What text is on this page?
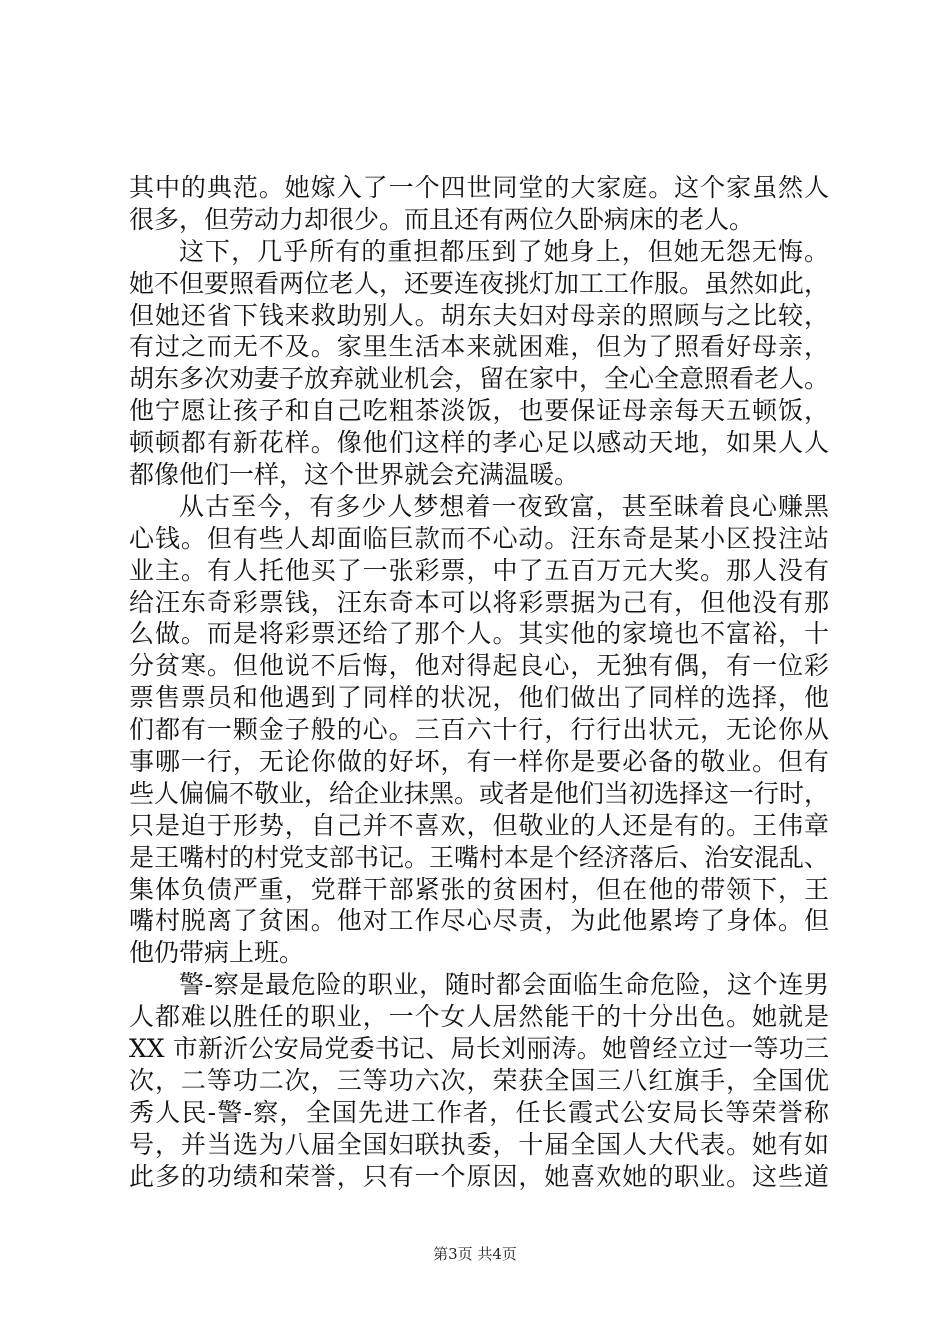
其中的典范。她嫁入了一个四世同堂的大家庭。这个家虽然人
很多，但劳动力却很少。而且还有两位久卧病床的老人。
这下，几乎所有的重担都压到了她身上，但她无怨无悔。
她不但要照看两位老人，还要连夜挑灯加工工作服。虽然如此，
但她还省下钱来救助别人。胡东夫妇对母亲的照顾与之比较，
有过之而无不及。家里生活本来就困难，但为了照看好母亲，
胡东多次劝妻子放弃就业机会，留在家中，全心全意照看老人。
他宁愿让孩子和自己吃粗茶淡饭，也要保证母亲每天五顿饭，
顿顿都有新花样。像他们这样的孝心足以感动天地，如果人人
都像他们一样，这个世界就会充满温暖。
从古至今，有多少人梦想着一夜致富，甚至昧着良心赚黑
心钱。但有些人却面临巨款而不心动。汪东奇是某小区投注站
业主。有人托他买了一张彩票，中了五百万元大奖。那人没有
给汪东奇彩票钱，汪东奇本可以将彩票据为己有，但他没有那
么做。而是将彩票还给了那个人。其实他的家境也不富裕，十
分贫寒。但他说不后悔，他对得起良心，无独有偶，有一位彩
票售票员和他遇到了同样的状况，他们做出了同样的选择，他
们都有一颗金子般的心。三百六十行，行行出状元，无论你从
事哪一行，无论你做的好坏，有一样你是要必备的敬业。但有
些人偏偏不敬业，给企业抹黑。或者是他们当初选择这一行时，
只是迫于形势，自己并不喜欢，但敬业的人还是有的。王伟章
是王嘴村的村党支部书记。王嘴村本是个经济落后、治安混乱、
集体负债严重，党群干部紧张的贫困村，但在他的带领下，王
嘴村脱离了贫困。他对工作尽心尽责，为此他累垮了身体。但
他仍带病上班。
警-察是最危险的职业，随时都会面临生命危险，这个连男
人都难以胜任的职业，一个女人居然能干的十分出色。她就是
XX 市新沂公安局党委书记、局长刘丽涛。她曾经立过一等功三
次，二等功二次，三等功六次，荣获全国三八红旗手，全国优
秀人民-警-察，全国先进工作者，任长霞式公安局长等荣誉称
号，并当选为八届全国妇联执委，十届全国人大代表。她有如
此多的功绩和荣誉，只有一个原因，她喜欢她的职业。这些道
第3页 共4页
